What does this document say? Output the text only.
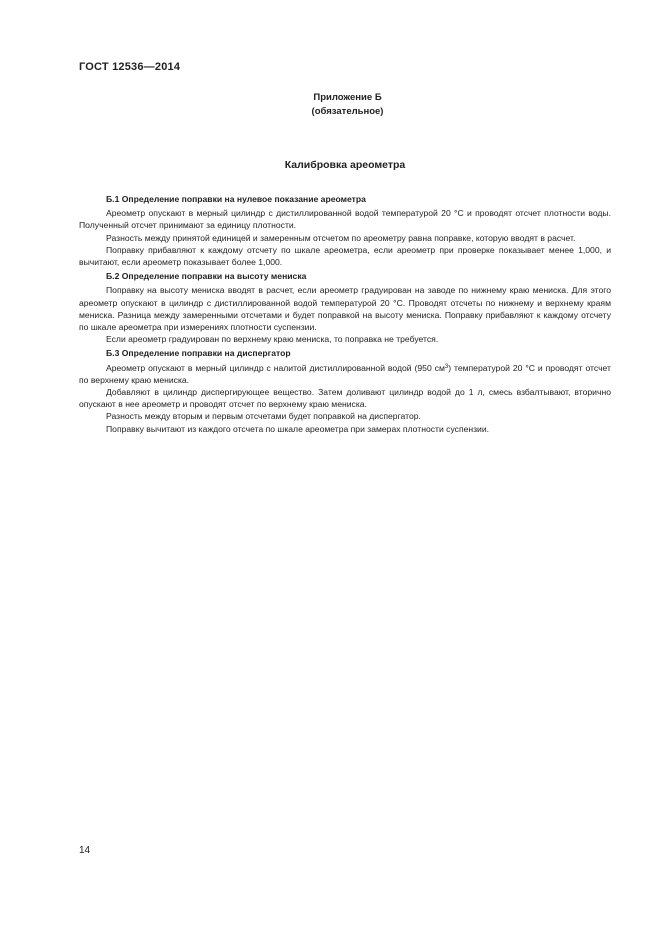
ГОСТ 12536—2014
Приложение Б
(обязательное)
Калибровка ареометра

Б.1 Определение поправки на нулевое показание ареометра

Ареометр опускают в мерный цилиндр с дистиллированной водой температурой 20 °С и проводят отсчет плотности воды. Полученный отсчет принимают за единицу плотности.

Разность между принятой единицей и замеренным отсчетом по ареометру равна поправке, которую вводят в расчет.

Поправку прибавляют к каждому отсчету по шкале ареометра, если ареометр при проверке показывает менее 1,000, и вычитают, если ареометр показывает более 1,000.

Б.2 Определение поправки на высоту мениска

Поправку на высоту мениска вводят в расчет, если ареометр градуирован на заводе по нижнему краю мениска. Для этого ареометр опускают в цилиндр с дистиллированной водой температурой 20 °С. Проводят отсчеты по нижнему и верхнему краям мениска. Разница между замеренными отсчетами и будет поправкой на высоту мениска. Поправку прибавляют к каждому отсчету по шкале ареометра при измерениях плотности суспензии.

Если ареометр градуирован по верхнему краю мениска, то поправка не требуется.

Б.3 Определение поправки на диспергатор

Ареометр опускают в мерный цилиндр с налитой дистиллированной водой (950 $см^3$) температурой 20 °С и проводят отсчет по верхнему краю мениска.

Добавляют в цилиндр диспергирующее вещество. Затем доливают цилиндр водой до 1 л, смесь взбалтывают, вторично опускают в нее ареометр и проводят отсчет по верхнему краю мениска.

Разность между вторым и первым отсчетами будет поправкой на диспергатор.

Поправку вычитают из каждого отсчета по шкале ареометра при замерах плотности суспензии.

14
